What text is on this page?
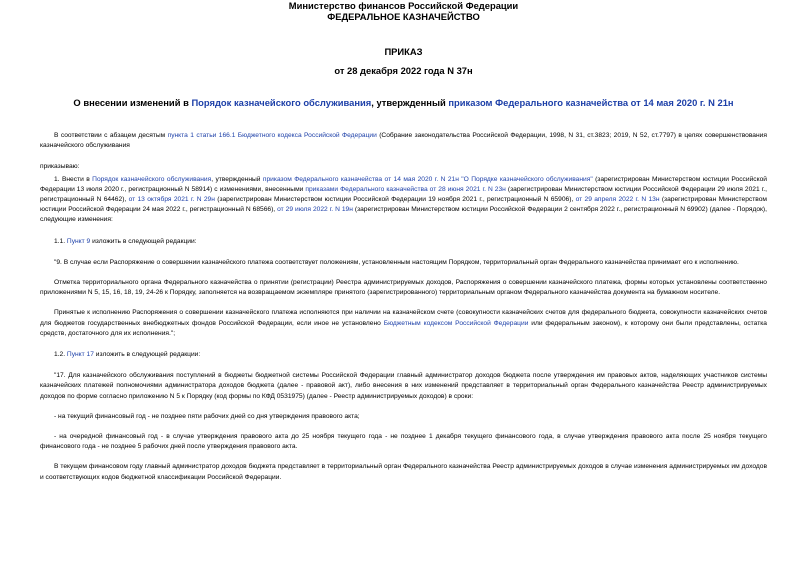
Министерство финансов Российской Федерации
ФЕДЕРАЛЬНОЕ КАЗНАЧЕЙСТВО
ПРИКАЗ
от 28 декабря 2022 года N 37н
О внесении изменений в Порядок казначейского обслуживания, утвержденный приказом Федерального казначейства от 14 мая 2020 г. N 21н

В соответствии с абзацем десятым пункта 1 статьи 166.1 Бюджетного кодекса Российской Федерации (Собрание законодательства Российской Федерации, 1998, N 31, ст.3823; 2019, N 52, ст.7797) в целях совершенствования казначейского обслуживания

приказываю:

1. Внести в Порядок казначейского обслуживания, утвержденный приказом Федерального казначейства от 14 мая 2020 г. N 21н "О Порядке казначейского обслуживания" (зарегистрирован Министерством юстиции Российской Федерации 13 июля 2020 г., регистрационный N 58914) с изменениями, внесенными приказами Федерального казначейства от 28 июня 2021 г. N 23н (зарегистрирован Министерством юстиции Российской Федерации 29 июля 2021 г., регистрационный N 64462), от 13 октября 2021 г. N 29н (зарегистрирован Министерством юстиции Российской Федерации 19 ноября 2021 г., регистрационный N 65906), от 29 апреля 2022 г. N 13н (зарегистрирован Министерством юстиции Российской Федерации 24 мая 2022 г., регистрационный N 68566), от 29 июля 2022 г. N 19н (зарегистрирован Министерством юстиции Российской Федерации 2 сентября 2022 г., регистрационный N 69902) (далее - Порядок), следующие изменения:

1.1. Пункт 9 изложить в следующей редакции:

"9. В случае если Распоряжение о совершении казначейского платежа соответствует положениям, установленным настоящим Порядком, территориальный орган Федерального казначейства принимает его к исполнению.

Отметка территориального органа Федерального казначейства о принятии (регистрации) Реестра администрируемых доходов, Распоряжения о совершении казначейского платежа, формы которых установлены соответственно приложениями N 5, 15, 16, 18, 19, 24-26 к Порядку, заполняется на возвращаемом экземпляре принятого (зарегистрированного) территориальным органом Федерального казначейства документа на бумажном носителе.

Принятые к исполнению Распоряжения о совершении казначейского платежа исполняются при наличии на казначейском счете (совокупности казначейских счетов для федерального бюджета, совокупности казначейских счетов для бюджетов государственных внебюджетных фондов Российской Федерации, если иное не установлено Бюджетным кодексом Российской Федерации или федеральным законом), к которому они были представлены, остатка средств, достаточного для их исполнения.";

1.2. Пункт 17 изложить в следующей редакции:

"17. Для казначейского обслуживания поступлений в бюджеты бюджетной системы Российской Федерации главный администратор доходов бюджета после утверждения им правовых актов, наделяющих участников системы казначейских платежей полномочиями администратора доходов бюджета (далее - правовой акт), либо внесения в них изменений представляет в территориальный орган Федерального казначейства Реестр администрируемых доходов по форме согласно приложению N 5 к Порядку (код формы по КФД 0531975) (далее - Реестр администрируемых доходов) в сроки:

- на текущий финансовый год - не позднее пяти рабочих дней со дня утверждения правового акта;

- на очередной финансовый год - в случае утверждения правового акта до 25 ноября текущего года - не позднее 1 декабря текущего финансового года, в случае утверждения правового акта после 25 ноября текущего финансового года - не позднее 5 рабочих дней после утверждения правового акта.

В текущем финансовом году главный администратор доходов бюджета представляет в территориальный орган Федерального казначейства Реестр администрируемых доходов в случае изменения администрируемых им доходов и соответствующих кодов бюджетной классификации Российской Федерации.
